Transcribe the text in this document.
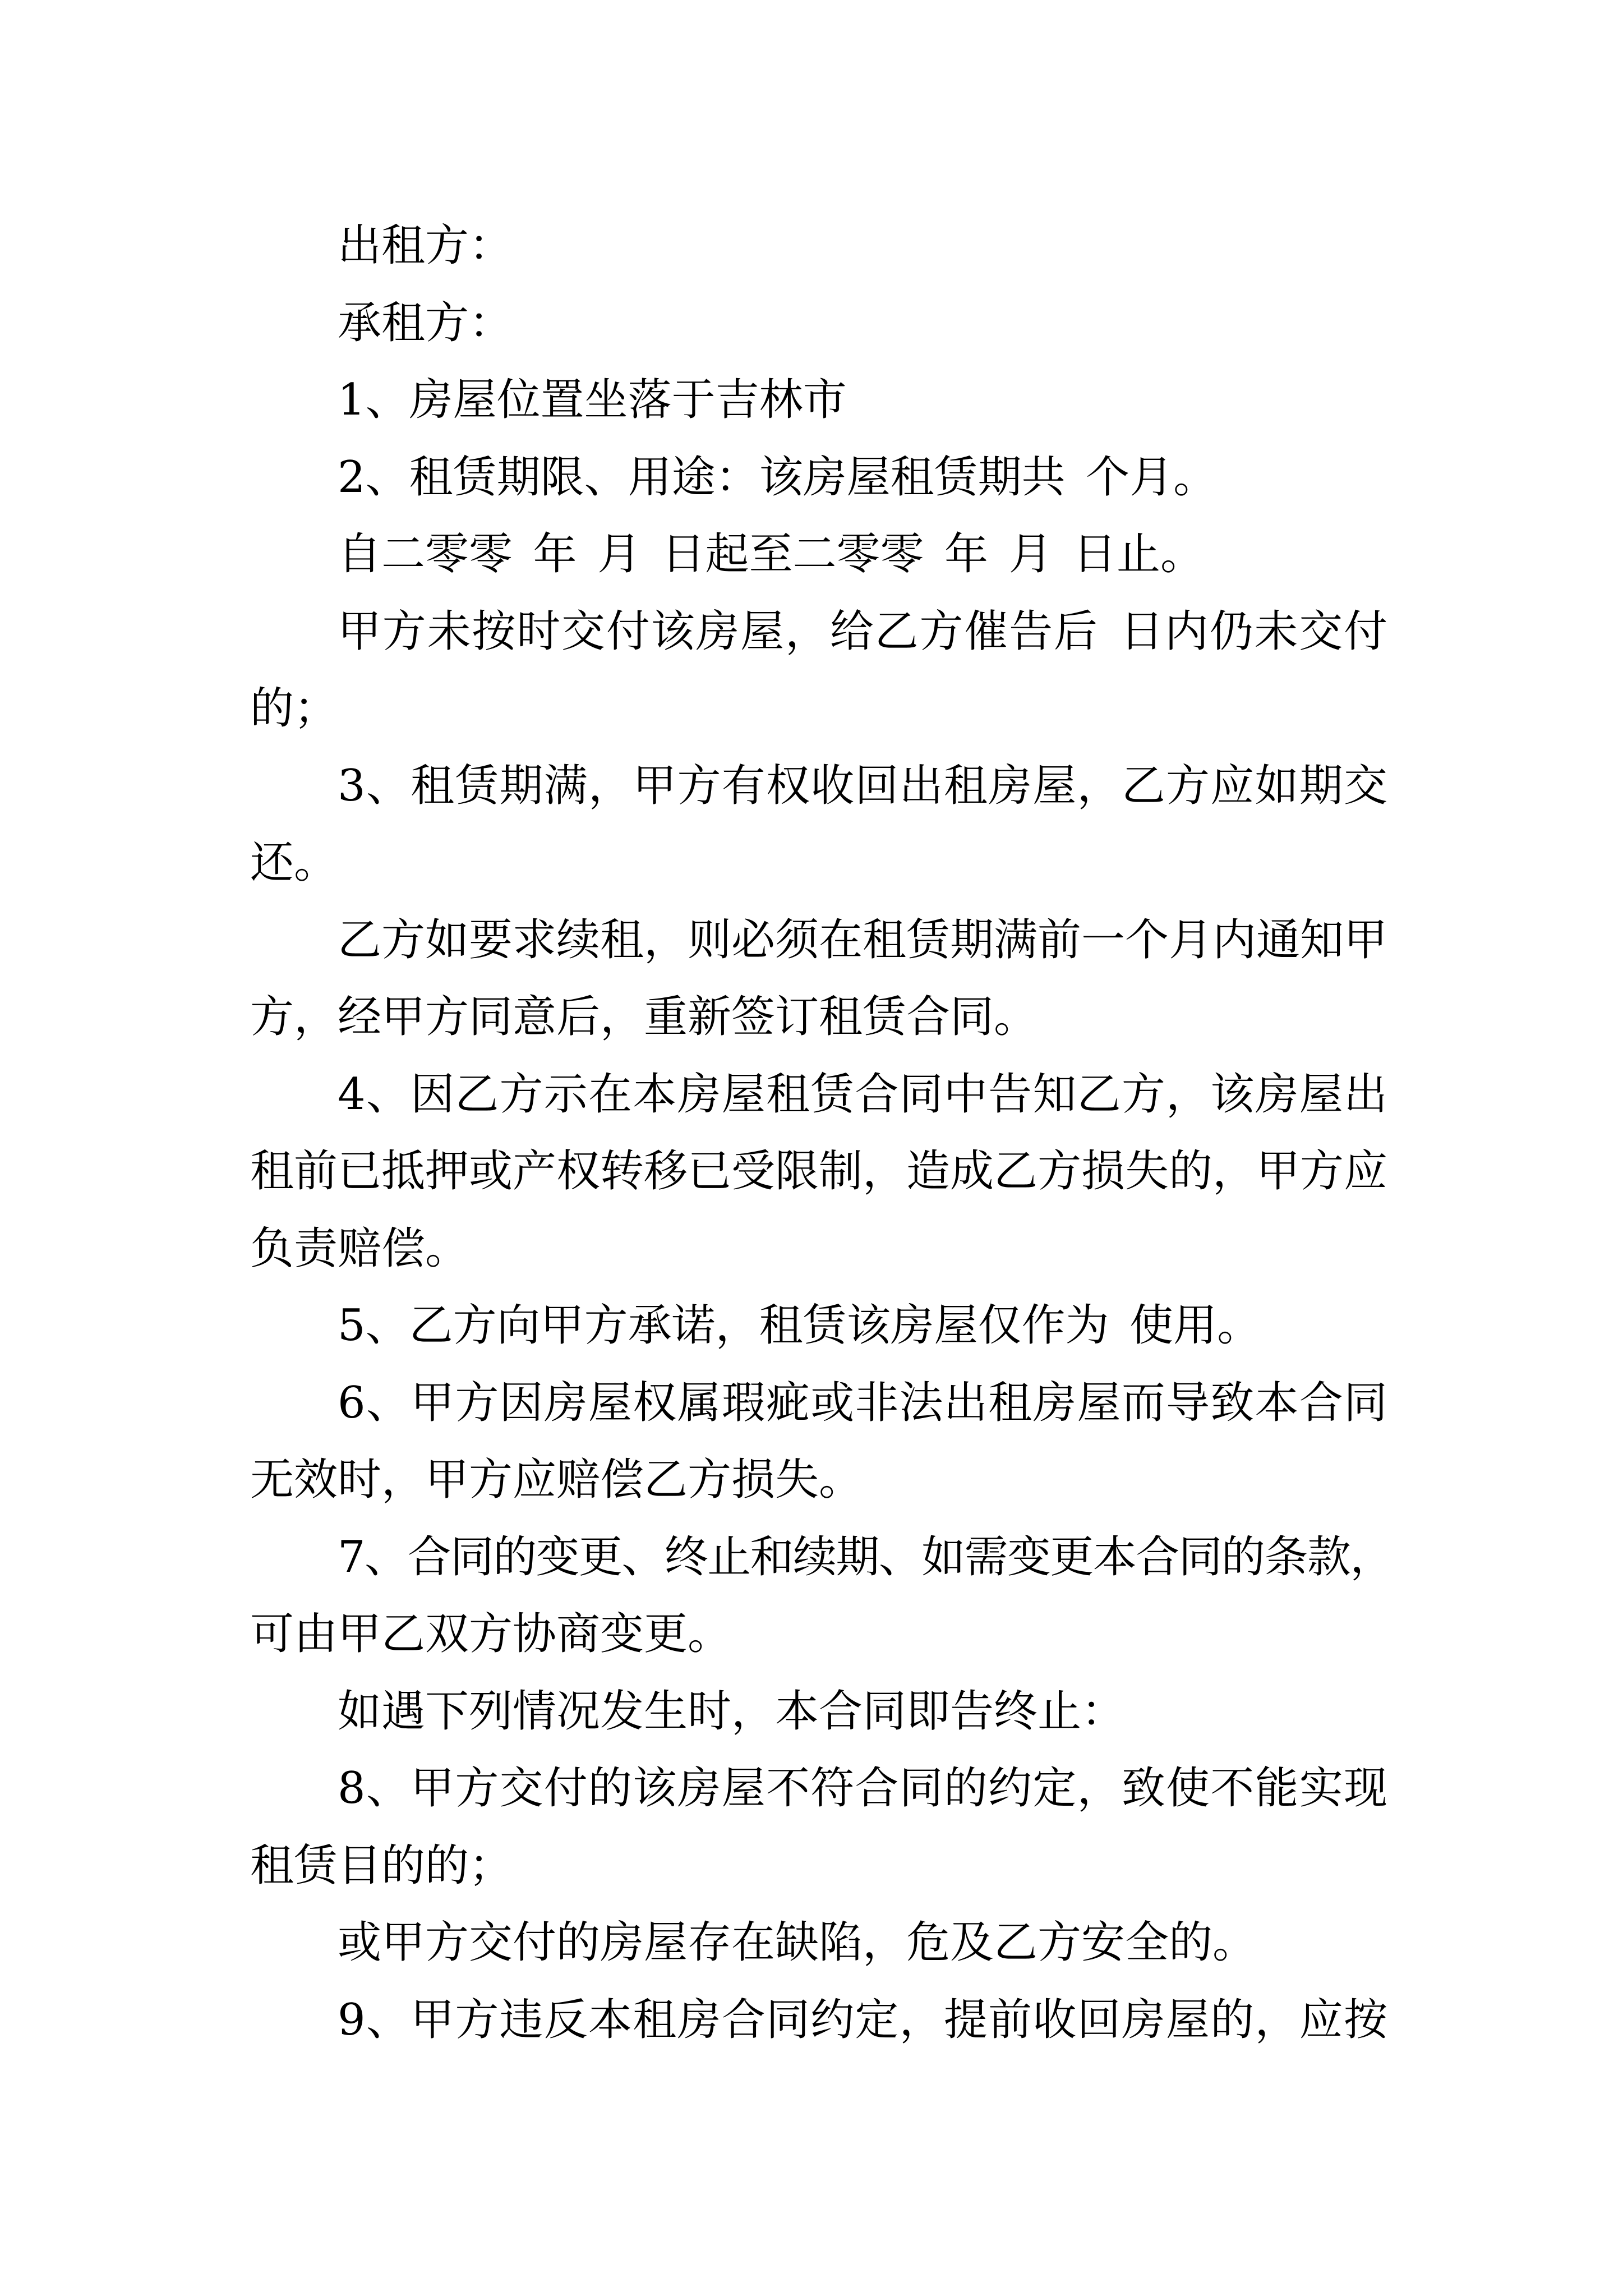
出租方：
承租方：
1、房屋位置坐落于吉林市
2、租赁期限、用途：该房屋租赁期共 个月。
自二零零 年 月 日起至二零零 年 月 日止。
甲方未按时交付该房屋，给乙方催告后 日内仍未交付
的；
3、租赁期满，甲方有权收回出租房屋，乙方应如期交
还。
乙方如要求续租，则必须在租赁期满前一个月内通知甲
方，经甲方同意后，重新签订租赁合同。
4、因乙方示在本房屋租赁合同中告知乙方，该房屋出
租前已抵押或产权转移已受限制，造成乙方损失的，甲方应
负责赔偿。
5、乙方向甲方承诺，租赁该房屋仅作为 使用。
6、甲方因房屋权属瑕疵或非法出租房屋而导致本合同
无效时，甲方应赔偿乙方损失。
7、合同的变更、终止和续期、如需变更本合同的条款，
可由甲乙双方协商变更。
如遇下列情况发生时，本合同即告终止：
8、甲方交付的该房屋不符合同的约定，致使不能实现
租赁目的的；
或甲方交付的房屋存在缺陷，危及乙方安全的。
9、甲方违反本租房合同约定，提前收回房屋的，应按
